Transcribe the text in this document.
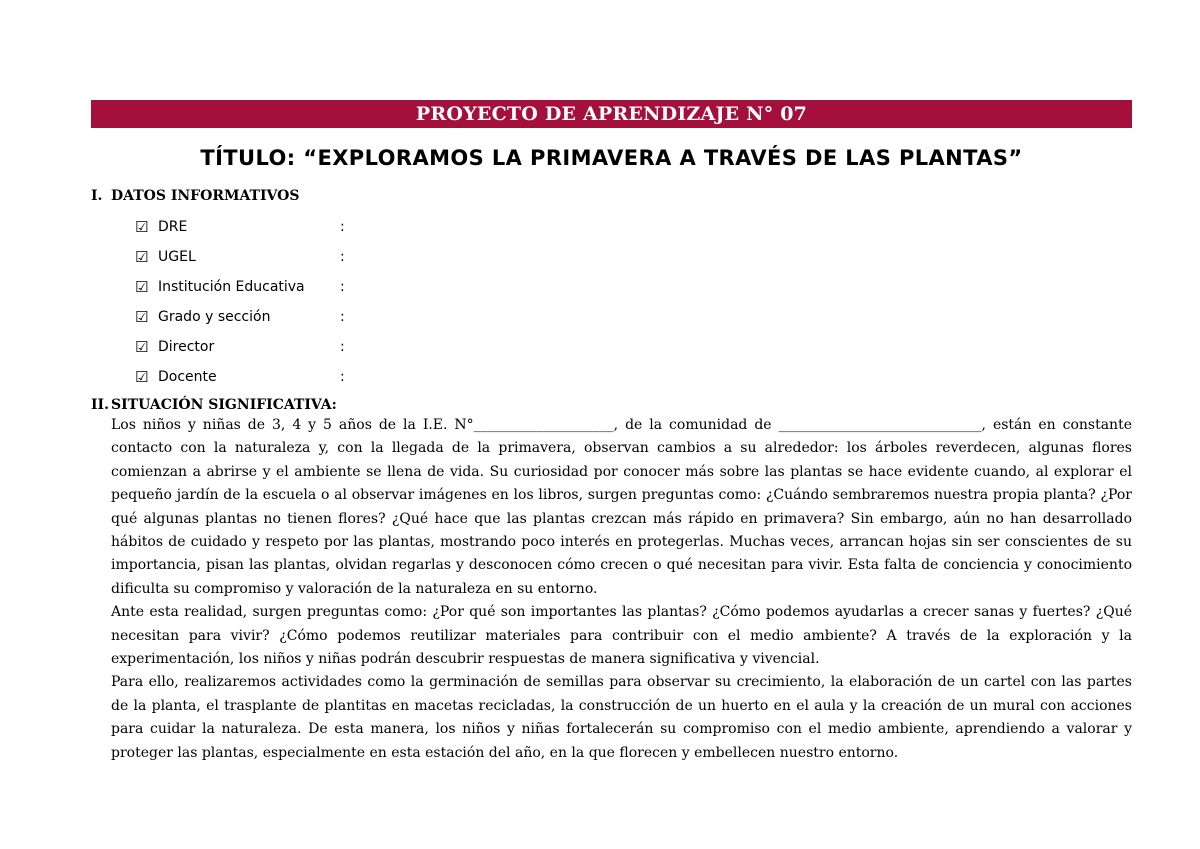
PROYECTO DE APRENDIZAJE N° 07
TÍTULO: “EXPLORAMOS LA PRIMAVERA A TRAVÉS DE LAS PLANTAS”
I. DATOS INFORMATIVOS
☑ DRE	:
☑ UGEL	:
☑ Institución Educativa	:
☑ Grado y sección	:
☑ Director	:
☑ Docente	:
II. SITUACIÓN SIGNIFICATIVA:

Los niños y niñas de 3, 4 y 5 años de la I.E. N°____________________, de la comunidad de _____________________________, están en constante contacto con la naturaleza y, con la llegada de la primavera, observan cambios a su alrededor: los árboles reverdecen, algunas flores comienzan a abrirse y el ambiente se llena de vida. Su curiosidad por conocer más sobre las plantas se hace evidente cuando, al explorar el pequeño jardín de la escuela o al observar imágenes en los libros, surgen preguntas como: ¿Cuándo sembraremos nuestra propia planta? ¿Por qué algunas plantas no tienen flores? ¿Qué hace que las plantas crezcan más rápido en primavera? Sin embargo, aún no han desarrollado hábitos de cuidado y respeto por las plantas, mostrando poco interés en protegerlas. Muchas veces, arrancan hojas sin ser conscientes de su importancia, pisan las plantas, olvidan regarlas y desconocen cómo crecen o qué necesitan para vivir. Esta falta de conciencia y conocimiento dificulta su compromiso y valoración de la naturaleza en su entorno.

Ante esta realidad, surgen preguntas como: ¿Por qué son importantes las plantas? ¿Cómo podemos ayudarlas a crecer sanas y fuertes? ¿Qué necesitan para vivir? ¿Cómo podemos reutilizar materiales para contribuir con el medio ambiente? A través de la exploración y la experimentación, los niños y niñas podrán descubrir respuestas de manera significativa y vivencial.

Para ello, realizaremos actividades como la germinación de semillas para observar su crecimiento, la elaboración de un cartel con las partes de la planta, el trasplante de plantitas en macetas recicladas, la construcción de un huerto en el aula y la creación de un mural con acciones para cuidar la naturaleza. De esta manera, los niños y niñas fortalecerán su compromiso con el medio ambiente, aprendiendo a valorar y proteger las plantas, especialmente en esta estación del año, en la que florecen y embellecen nuestro entorno.
